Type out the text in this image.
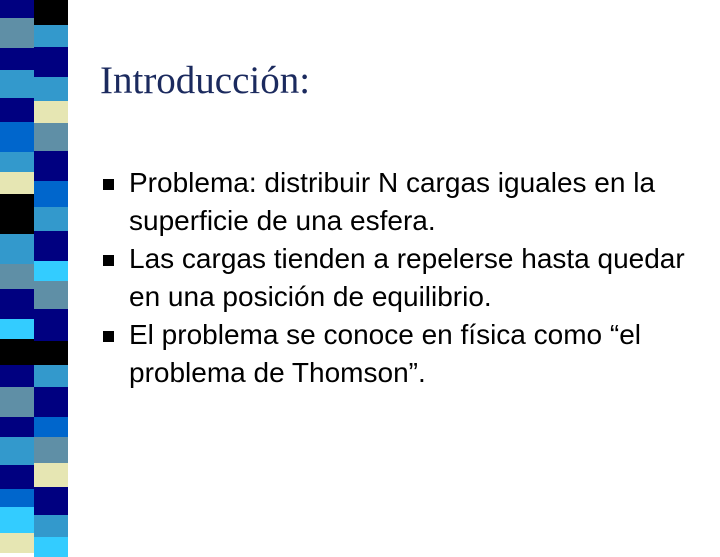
Introducción:
Problema: distribuir N cargas iguales en la superficie de una esfera.
Las cargas tienden a repelerse hasta quedar en una posición de equilibrio.
El problema se conoce en física como “el problema de Thomson”.
